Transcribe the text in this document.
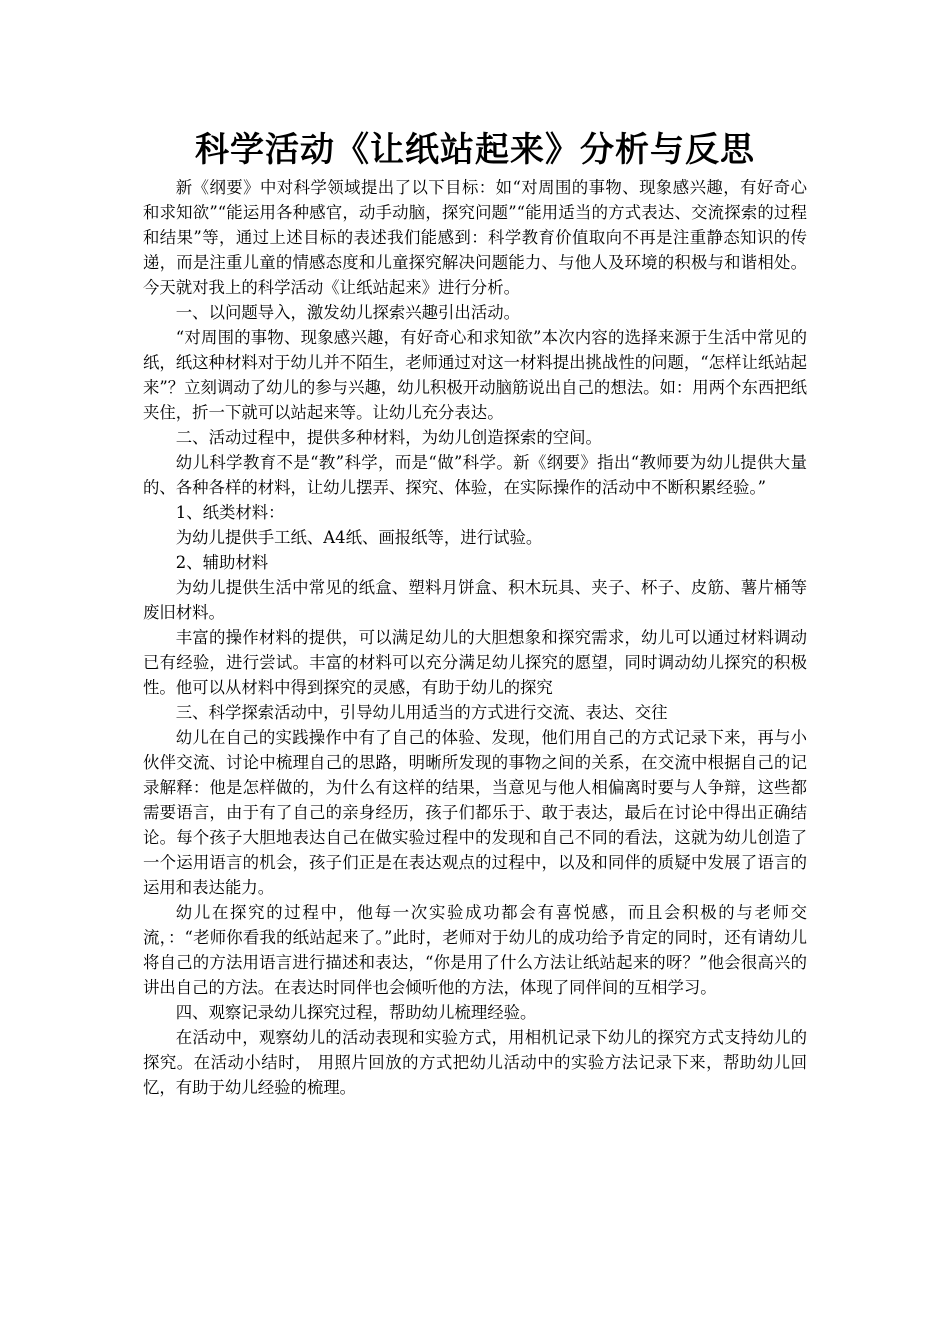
科学活动《让纸站起来》分析与反思

新《纲要》中对科学领域提出了以下目标：如“对周围的事物、现象感兴趣，有好奇心和求知欲”“能运用各种感官，动手动脑，探究问题”“能用适当的方式表达、交流探索的过程和结果”等，通过上述目标的表述我们能感到：科学教育价值取向不再是注重静态知识的传递，而是注重儿童的情感态度和儿童探究解决问题能力、与他人及环境的积极与和谐相处。今天就对我上的科学活动《让纸站起来》进行分析。

一、以问题导入，激发幼儿探索兴趣引出活动。

“对周围的事物、现象感兴趣，有好奇心和求知欲”本次内容的选择来源于生活中常见的纸，纸这种材料对于幼儿并不陌生，老师通过对这一材料提出挑战性的问题，“怎样让纸站起来”？立刻调动了幼儿的参与兴趣，幼儿积极开动脑筋说出自己的想法。如：用两个东西把纸夹住，折一下就可以站起来等。让幼儿充分表达。

二、活动过程中，提供多种材料，为幼儿创造探索的空间。

幼儿科学教育不是“教”科学，而是“做”科学。新《纲要》指出“教师要为幼儿提供大量的、各种各样的材料，让幼儿摆弄、探究、体验，在实际操作的活动中不断积累经验。”

1、纸类材料：

为幼儿提供手工纸、A4纸、画报纸等，进行试验。

2、辅助材料

为幼儿提供生活中常见的纸盒、塑料月饼盒、积木玩具、夹子、杯子、皮筋、薯片桶等废旧材料。

丰富的操作材料的提供，可以满足幼儿的大胆想象和探究需求，幼儿可以通过材料调动已有经验，进行尝试。丰富的材料可以充分满足幼儿探究的愿望，同时调动幼儿探究的积极性。他可以从材料中得到探究的灵感，有助于幼儿的探究

三、科学探索活动中，引导幼儿用适当的方式进行交流、表达、交往

幼儿在自己的实践操作中有了自己的体验、发现，他们用自己的方式记录下来，再与小伙伴交流、讨论中梳理自己的思路，明晰所发现的事物之间的关系，在交流中根据自己的记录解释：他是怎样做的，为什么有这样的结果，当意见与他人相偏离时要与人争辩，这些都需要语言，由于有了自己的亲身经历，孩子们都乐于、敢于表达，最后在讨论中得出正确结论。每个孩子大胆地表达自己在做实验过程中的发现和自己不同的看法，这就为幼儿创造了一个运用语言的机会，孩子们正是在表达观点的过程中，以及和同伴的质疑中发展了语言的运用和表达能力。

幼儿在探究的过程中，他每一次实验成功都会有喜悦感，而且会积极的与老师交流，：“老师你看我的纸站起来了。”此时，老师对于幼儿的成功给予肯定的同时，还有请幼儿将自己的方法用语言进行描述和表达，“你是用了什么方法让纸站起来的呀？”他会很高兴的讲出自己的方法。在表达时同伴也会倾听他的方法，体现了同伴间的互相学习。

四、观察记录幼儿探究过程，帮助幼儿梳理经验。

在活动中，观察幼儿的活动表现和实验方式，用相机记录下幼儿的探究方式支持幼儿的探究。在活动小结时， 用照片回放的方式把幼儿活动中的实验方法记录下来，帮助幼儿回忆，有助于幼儿经验的梳理。
